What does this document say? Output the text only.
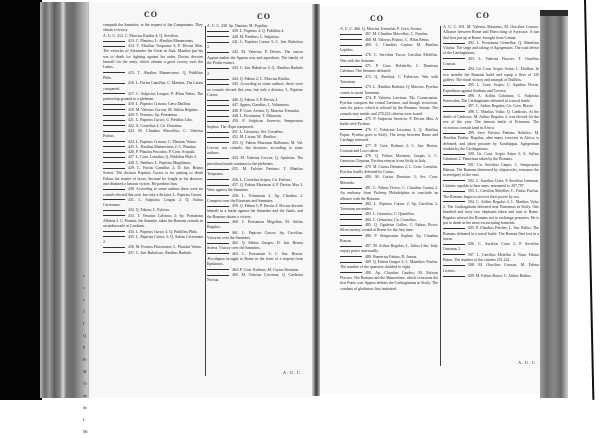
s
s
s
J
I
Q
P
Fr
M
Vi
an
do
L
Mi
CO	CO	CO	CO

vanquish the Samnites, at the request of the Campanians. They obtain a victory.

A. U. C. 412. C. Marcius Rutilus 4; Q. Servilius.

413. C. Plautius; L. Æmilius Mamercinus.

414. T. Manlius Torquatus 3; P. Decius Mus. The victories of Alexander the Great in Asia. Manlius put his son to death for fighting against his order. Decius devotes himself for the army, which obtains a great victory over the Latins.

415. T. Æmilius Mamercinus; Q. Publilius Philo.

416. L. Furius Camillus; C. Mænius. The Latins conquered.

417. C. Sulpicius Longus; P. Ælius Pætus. The prætorship granted to a plebeian.

418. L. Papirius Crassus; Cæso Duillius.

419. M. Valerius Corvus; M. Atilius Regulus.

420. T. Veturius; Sp. Postumius.

421. L. Papirius Cursor; C. Pætilius Libo.

422. A. Cornelius 2; Cn. Domitius.

423. M. Claudius Marcellus; C. Valerius Potitus.

424. L. Papirius Crassus; C. Plautius Venno.

425. L. Æmilius Mamercinus 2; C. Plautius.

426. P. Plautius Proculus; P. Corn. Scapula.

427. L. Corn. Lentulus; Q. Publilius Philo 2.

428. C. Pætilius; L. Papirius Mugillanus.

429. L. Furius Camillus 2; D. Jun. Brutus Scæva. The dictator Papirius Cursor is for putting to death Fabius his master of horse, because he fought in his absence, and obtained a famous victory. He pardons him.

430. According to some authors there were no consuls elected this year, but only a dictator, L. Papirius Cursor.

431. L. Sulpicius Longus 2; Q. Aulius Cerretanus.

432. Q. Fabius; L. Fulvius.

433. T. Veturius Calvinus 2; Sp. Postumius Albinus 2. C. Pontius, the Samnite, takes the Romans consuls in an ambuscade at Caudium.

434. L. Papirius Cursor 2; Q. Publilius Philo.

435. L. Papirius Cursor 3; Q. Aulius Cerretanus 2.

436. M. Fossius Flaccinator; L. Plautius Venno.

437. C. Jun. Bubulcus; Æmilius Barbula.

A. U. C. 438. Sp. Nautius; M. Popilius.

439. L. Papirius 4; Q. Publilius 4.

440. M. Pætilius; C. Sulpicius.

441. L. Papirius Cursor 5; C. Jun. Bubulcus 2.

442. M. Valerius; P. Decius. The censor Appius makes the Appian way and aqueducts. The family of the Potitii extinct.

443. C. Jun. Bubulcus 3; Q. Æmilius Barbula 2.

444. Q. Fabius 2; C. Marcius Rutilus.

445. According to some authors, there were no consuls elected this year, but only a dictator, L. Papirius Cursor.

446. Q. Fabius 3; P. Decius 2.

447. Appius Claudius; L. Volumnius.

448. P. Corn. Arvina; Q. Marcius Tremulus.

449. L. Postumius; T. Minucius.

450. P. Sulpicius Saverrio; Sempronius Sophus. The Æqui conquered.

451. L. Genucius; Ser. Cornelius.

452. M. Livius; M. Æmilius.

453. Q. Fabius Maximus Rullianus; M. Val. Corvus; not consuls, but dictators, according to some authors.

454. M. Valerius Corvus; Q. Apuleius. The priesthood made common to the plebeians.

455. M. Fulvius Pætinus; T. Manlius Torquatus.

456. L. Cornelius Scipio; Cn. Fulvius.

457. Q. Fabius Maximus 4; P. Decius Mus 3. Wars against the Samnites.

458. L. Volumnius 2; Ap. Claudius 2. Conquest over the Etrurians and Samnites.

459. Q. Fabius 5; P. Decius 4. Decius devotes himself in a battle against the Samnites and the Gauls, and the Romans obtain a victory.

460. L. Postumius Megellus; M. Atilius Regulus.

461. L. Papirius Cursor; Sp. Carvilius. Victories over the Samnites.

462. Q. Fabius Gurges; D. Jun. Brutus Scæva. Victory over the Samnites.

463. L. Postumius 3; C. Jun. Brutus. Æsculapius brought to Rome in the form of a serpent from Epidaurus.

464. P. Corn. Rufinus; M. Curius Dentatus.

465. M. Valerius Corvinus; Q. Cædicius Noctua.

A. U. C. 466. Q. Marcius Tremulus; P. Corn. Arvina.

467. M. Claudius Marcellus; C. Nautius.

468. M. Valerius Potitus; C. Ælius Pætus.

469. C. Claudius Canina; M. Æmilius Lepidus.

470. C. Servilius Tucca; Cæcilius Metellus. War with the Senones.

471. P. Corn. Dolabella; C. Domitius Calvinus. The Senones defeated.

472. Q. Æmilius; C. Fabricius. War with Tarentum.

473. L. Æmilius Barbula; Q. Marcius. Pyrrhus comes to assist Tarentum.

474. P. Valerius Lævinus; Tib. Coruncanius. Pyrrhus conquers the consul Lævinus, and though victorious, sues for peace, which is refused by the Romans. Senate. The consuls stay inside, and 278,222 citizens were found.

475. P. Sulpicius Saverrio; P. Decius Mus. A battle with Pyrrhus.

476. C. Fabricius Luscinus 2; Q. Æmilius Papus. Pyrrhus goes to Sicily. The treaty between Rome and Carthage renewed.

477. P. Corn. Rufinus 2; C. Jun. Brutus. Crotona and Locri taken.

478. Q. Fabius Maximus Gurges 2; C. Genucius Clepsina. Pyrrhus returns from Sicily to Italy.

479. M. Curius Dentatus 2; L. Corn. Lentulus. Pyrrhus finally defeated by Curius.

480. M. Curius Dentatus 3; Ser. Corn. Merenda.

481. C. Fabius Dorso; C. Claudius Canina 2. An embassy from Ptolemy Philadelphus to conclude an alliance with the Romans.

482. L. Papirius Cursor 2; Sp. Carvilius 2. Tarentum surrenders.

483. L. Genucius; C. Quintilius.

484. C. Genucius; Cn. Cornelius.

485. Q. Ogulnius Gallus; C. Fabius Pictor. Silver money coined at Rome for the first time.

486. P. Sempronius Sophus; Ap. Claudius Russus.

487. M. Atilius Regulus; L. Julius Libo. Italy enjoys peace universally.

488. Numerius Fabius; D. Junius.

489. Q. Fabius Gurges 3; L. Mamilius Vitulus. The number of the quæstors doubled to eight.

490. Ap. Claudius Caudex; M. Fulvius Flaccus. The Romans aid the Mamertines, which occasions the first Punic war. Appius defeats the Carthaginians in Sicily. The combats of gladiators first instituted.

A. U. C. 491. M. Valerius Maximus; M. Otacilius Crassus. Alliance between Rome and Hiero king of Syracuse. A sun dial first put up at Rome, brought from Catana.

492. L. Postumius Gemellus; Q. Mamilius Vitulus. The siege and taking of Agrigentum. The total defeat of the Carthaginians.

493. L. Valerius Flaccus; T. Otacilius Crassus.

494. Cn. Corn. Scipio Asina; C. Duillius. In two months the Romans build and equip a fleet of 120 galleys. The naval victory and triumph of Duillius.

495. L. Corn. Scipio; C. Aquilius Florus. Expedition against Sardinia and Corsica.

496. A. Atilius Calatinus; C. Sulpicius Paterculus. The Carthaginians defeated in a naval battle.

497. C. Atilius Regulus; Cn. Corn. Blasio.

498. L. Manlius Vulso; Q. Cædicius. At the death of Cædicius, M. Atilius Regulus 2, was elected for the rest of the year. The famous battle of Ecnomus. The victorious consuls land in Africa.

499. Serv. Fulvius Pætinus Nobilior; M. Æmilius Paulus. Regulus, after many victories in Africa, is defeated, and taken prisoner by Xanthippus. Agrigentum retaken by the Carthaginians.

500. Cn. Corn. Scipio Asina 2; A. Atilius Calatinus 2. Panormus taken by the Romans.

501. Cn. Servilius Cæpio; C. Sempronius Blæsus. The Romans distressed by shipwrecks, renounce the sovereignty of the seas.

502. C. Aurelius Cotta; P. Servilius Geminus. Citizens capable to bear arms, amounted to 297,797.

503. L. Cæcilius Metellus; C. Furius Pacilus. The Romans begin to recover their power by sea.

504. C. Atilius Regulus 2; L. Manlius Vulso 2. The Carthaginians defeated near Panormus in Sicily. One hundred and forty two elephants taken and sent to Rome. Regulus advises the Romans not to exchange prisoners. He is put to death in the most excruciating torments.

505. P. Claudius Pulcher; L. Jun. Pullus. The Romans defeated in a naval battle. The Roman fleet lost in a storm.

506. C. Aurelius Cotta 2; P. Servilius Geminus 2.

507. L. Cæcilius Metellus 2; Num. Fabius Buteo. The number of the citizens 251,222.

508. M. Otacilius Crassus; M. Fabius Licinus.

509. M. Fabius Buteo; C. Atilius Bulbus.

A. U. C.
A. U. C.
